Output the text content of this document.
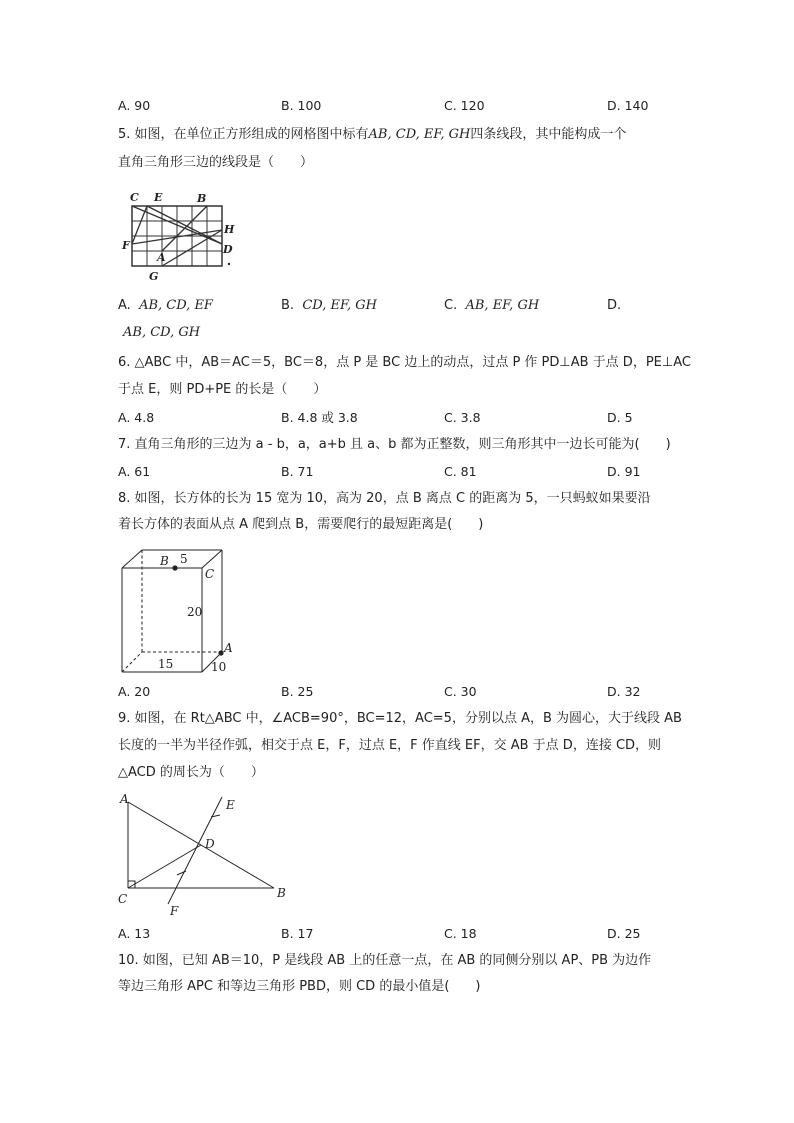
A. 90	B. 100	C. 120	D. 140
5. 如图，在单位正方形组成的网格图中标有AB, CD, EF, GH四条线段，其中能构成一个
直角三角形三边的线段是（　　）
C E	B
H
F	D
A
G
A. AB, CD, EF	B. CD, EF, GH	C. AB, EF, GH	D.
AB, CD, GH
6. △ABC 中，AB＝AC＝5，BC＝8，点 P 是 BC 边上的动点，过点 P 作 PD⊥AB 于点 D，PE⊥AC
于点 E，则 PD+PE 的长是（　　）
A. 4.8	B. 4.8 或 3.8	C. 3.8	D. 5
7. 直角三角形的三边为 a - b，a，a+b 且 a、b 都为正整数，则三角形其中一边长可能为(　　)
A. 61	B. 71	C. 81	D. 91
8. 如图，长方体的长为 15 宽为 10，高为 20，点 B 离点 C 的距离为 5，一只蚂蚁如果要沿
着长方体的表面从点 A 爬到点 B，需要爬行的最短距离是(　　)
B 5
C
20
A
15	10
A. 20	B. 25	C. 30	D. 32
9. 如图，在 Rt△ABC 中，∠ACB=90°，BC=12，AC=5，分别以点 A，B 为圆心，大于线段 AB
长度的一半为半径作弧，相交于点 E，F，过点 E，F 作直线 EF，交 AB 于点 D，连接 CD，则
△ACD 的周长为（　　）
A	E
D
C	B
F
A. 13	B. 17	C. 18	D. 25
10. 如图，已知 AB＝10，P 是线段 AB 上的任意一点，在 AB 的同侧分别以 AP、PB 为边作
等边三角形 APC 和等边三角形 PBD，则 CD 的最小值是(　　)
